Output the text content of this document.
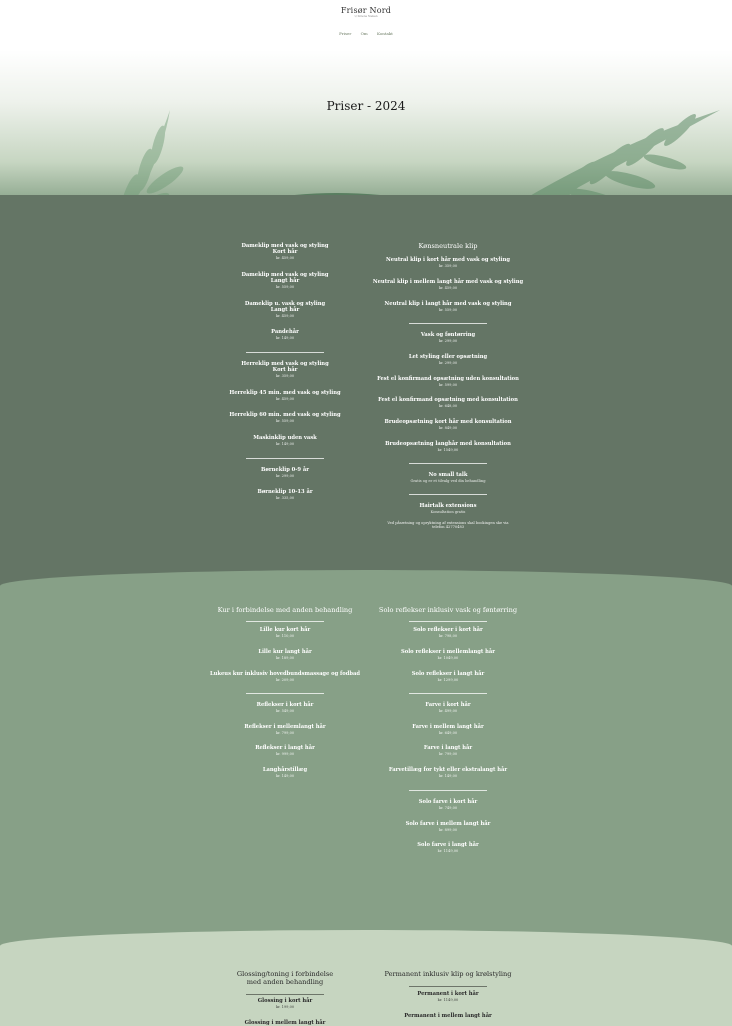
Frisør Nord
v/ Simone Nielsen
Priser Om Kontakt
Priser - 2024
Dameklip med vask og styling
Kort hår
kr. 459,00
Dameklip med vask og styling
Langt hår
kr. 559,00
Dameklip u. vask og styling
Langt hår
kr. 459,00
Pandehår
kr. 149,00
Herreklip med vask og styling
Kort hår
kr. 359,00
Herreklip 45 min. med vask og styling
kr. 459,00
Herreklip 60 min. med vask og styling
kr. 559,00
Maskinklip uden vask
kr. 149,00
Børneklip 0-9 år
kr. 299,00
Børneklip 10-13 år
kr. 335,00
Kønsneutrale klip
Neutral klip i kort hår med vask og styling
kr. 359,00
Neutral klip i mellem langt hår med vask og styling
kr. 459,00
Neutral klip i langt hår med vask og styling
kr. 559,00
Vask og føntørring
kr. 299,00
Let styling eller opsætning
kr. 299,00
Fest el konfirmand opsætning uden konsultation
kr. 599,00
Fest el konfirmand opsætning med konsultation
kr. 648,00
Brudeopsætning kort hår med konsultation
kr. 849,00
Brudeopsætning langhår med konsultation
kr. 1549,00
No small talk
Gratis og er et tilvalg ved din behandling
Hairtalk extensions
Konsultation gratis
Ved påsætning og opryktning af extensions skal bookingen ske via
telefon 42770483
Kur i forbindelse med anden behandling
Lille kur kort hår
kr. 110,00
Lille kur langt hår
kr. 189,00
Lukeus kur inklusiv hovedbundsmassage og fodbad
kr. 209,00
Reflekser i kort hår
kr. 549,00
Reflekser i mellemlangt hår
kr. 799,00
Reflekser i langt hår
kr. 999,00
Langhårstillæg
kr. 149,00
Solo reflekser inklusiv vask og føntørring
Solo reflekser i kort hår
kr. 798,00
Solo reflekser i mellemlangt hår
kr. 1049,00
Solo reflekser i langt hår
kr. 1299,00
Farve i kort hår
kr. 499,00
Farve i mellem langt hår
kr. 649,00
Farve i langt hår
kr. 799,00
Farvetillæg for tykt eller ekstralangt hår
kr. 149,00
Solo farve i kort hår
kr. 749,00
Solo farve i mellem langt hår
kr. 899,00
Solo farve i langt hår
kr. 1149,00
Glossing/toning i forbindelse
med anden behandling
Glossing i kort hår
kr. 199,00
Glossing i mellem langt hår
Permanent inklusiv klip og krølstyling
Permanent i kort hår
kr. 1149,00
Permanent i mellem langt hår
